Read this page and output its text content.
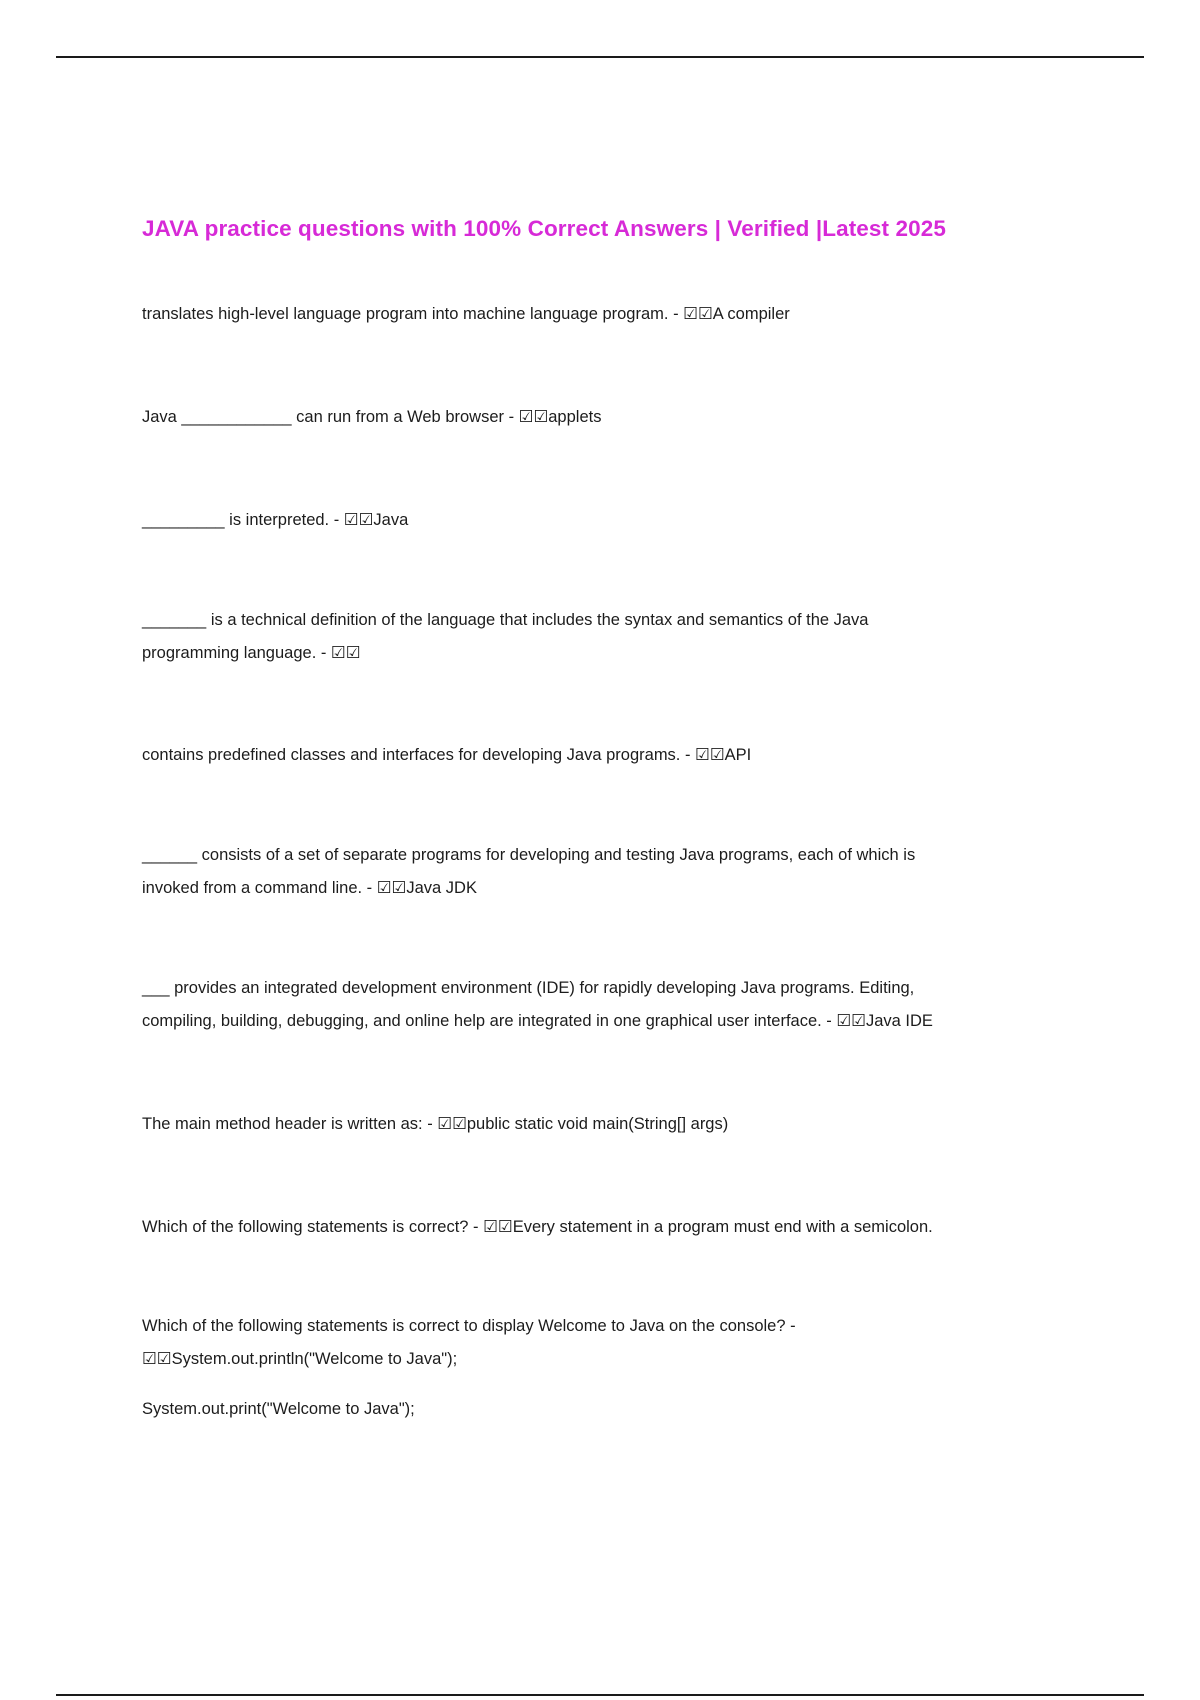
JAVA practice questions with 100% Correct Answers | Verified |Latest 2025

translates high-level language program into machine language program. - ☑☑A compiler

Java ____________ can run from a Web browser - ☑☑applets

_________ is interpreted. - ☑☑Java

_______ is a technical definition of the language that includes the syntax and semantics of the Java
programming language. - ☑☑

contains predefined classes and interfaces for developing Java programs. - ☑☑API

______ consists of a set of separate programs for developing and testing Java programs, each of which is
invoked from a command line. - ☑☑Java JDK

___ provides an integrated development environment (IDE) for rapidly developing Java programs. Editing,
compiling, building, debugging, and online help are integrated in one graphical user interface. - ☑☑Java IDE

The main method header is written as: - ☑☑public static void main(String[] args)

Which of the following statements is correct? - ☑☑Every statement in a program must end with a semicolon.

Which of the following statements is correct to display Welcome to Java on the console? -
☑☑System.out.println("Welcome to Java");

System.out.print("Welcome to Java");
